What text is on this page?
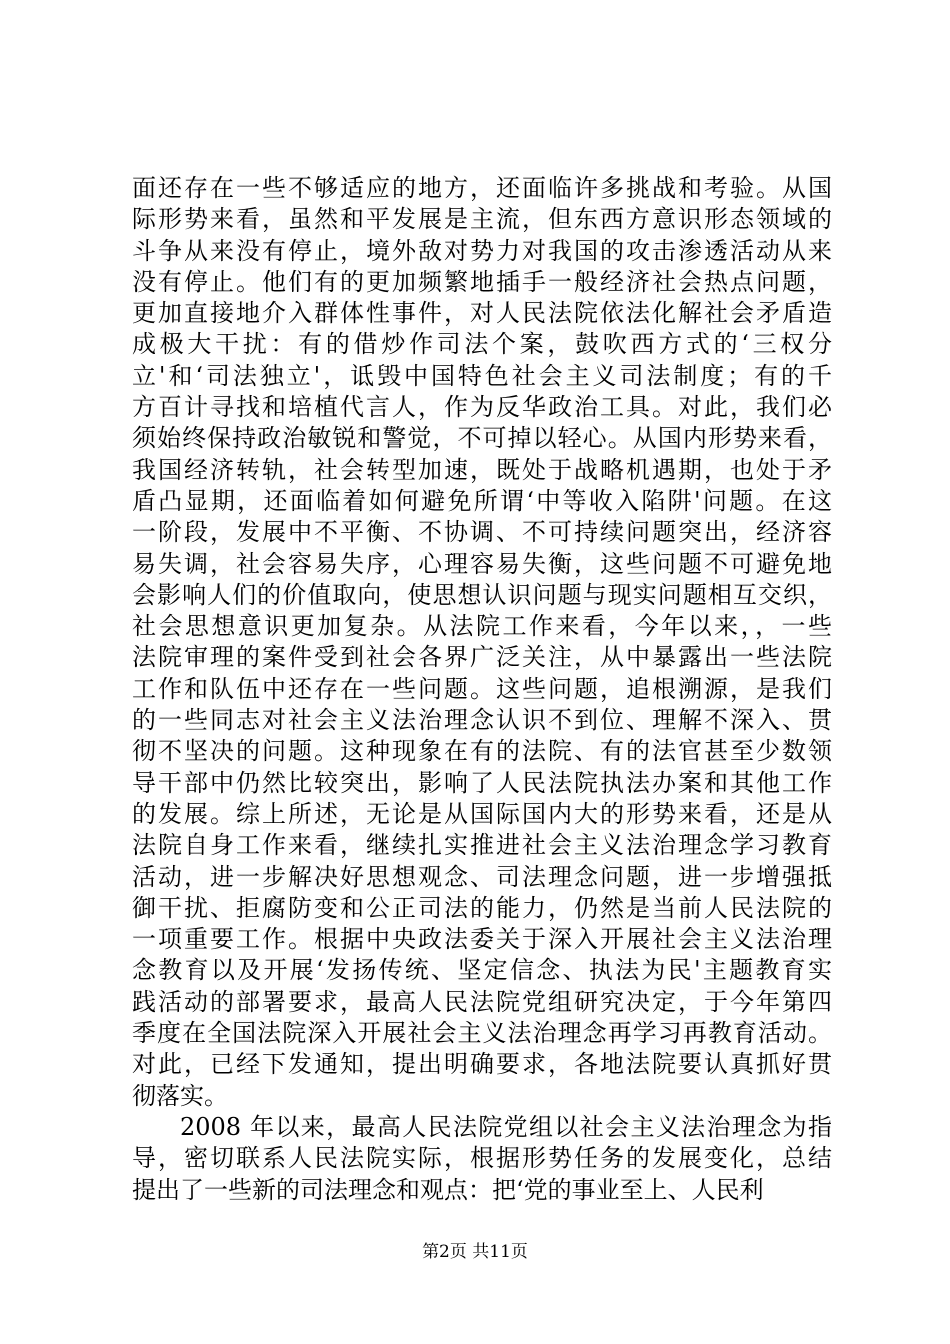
面还存在一些不够适应的地方，还面临许多挑战和考验。从国
际形势来看，虽然和平发展是主流，但东西方意识形态领域的
斗争从来没有停止，境外敌对势力对我国的攻击渗透活动从来
没有停止。他们有的更加频繁地插手一般经济社会热点问题，
更加直接地介入群体性事件，对人民法院依法化解社会矛盾造
成极大干扰：有的借炒作司法个案，鼓吹西方式的‘三权分
立'和‘司法独立'，诋毁中国特色社会主义司法制度；有的千
方百计寻找和培植代言人，作为反华政治工具。对此，我们必
须始终保持政治敏锐和警觉，不可掉以轻心。从国内形势来看，
我国经济转轨，社会转型加速，既处于战略机遇期，也处于矛
盾凸显期，还面临着如何避免所谓‘中等收入陷阱'问题。在这
一阶段，发展中不平衡、不协调、不可持续问题突出，经济容
易失调，社会容易失序，心理容易失衡，这些问题不可避免地
会影响人们的价值取向，使思想认识问题与现实问题相互交织，
社会思想意识更加复杂。从法院工作来看，今年以来，，一些
法院审理的案件受到社会各界广泛关注，从中暴露出一些法院
工作和队伍中还存在一些问题。这些问题，追根溯源，是我们
的一些同志对社会主义法治理念认识不到位、理解不深入、贯
彻不坚决的问题。这种现象在有的法院、有的法官甚至少数领
导干部中仍然比较突出，影响了人民法院执法办案和其他工作
的发展。综上所述，无论是从国际国内大的形势来看，还是从
法院自身工作来看，继续扎实推进社会主义法治理念学习教育
活动，进一步解决好思想观念、司法理念问题，进一步增强抵
御干扰、拒腐防变和公正司法的能力，仍然是当前人民法院的
一项重要工作。根据中央政法委关于深入开展社会主义法治理
念教育以及开展‘发扬传统、坚定信念、执法为民'主题教育实
践活动的部署要求，最高人民法院党组研究决定，于今年第四
季度在全国法院深入开展社会主义法治理念再学习再教育活动。
对此，已经下发通知，提出明确要求，各地法院要认真抓好贯
彻落实。
2008 年以来，最高人民法院党组以社会主义法治理念为指
导，密切联系人民法院实际，根据形势任务的发展变化，总结
提出了一些新的司法理念和观点：把‘党的事业至上、人民利
第2页 共11页
